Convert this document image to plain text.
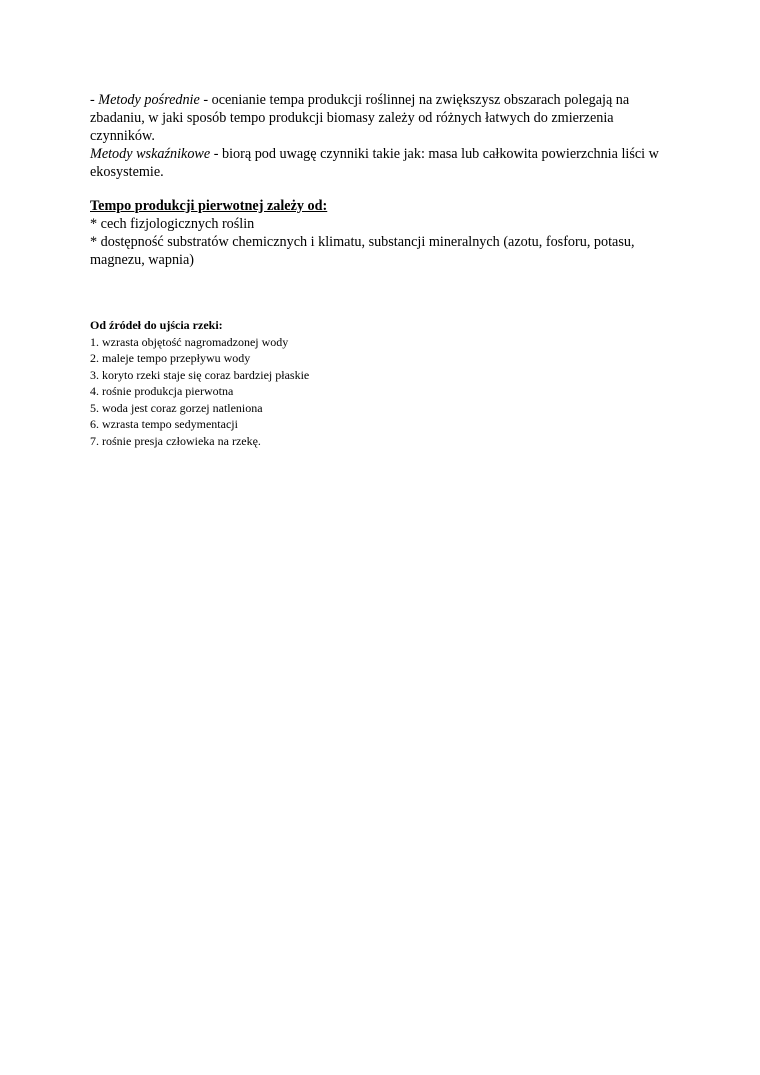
- Metody pośrednie - ocenianie tempa produkcji roślinnej na zwiększysz obszarach polegają na zbadaniu, w jaki sposób tempo produkcji biomasy zależy od różnych łatwych do zmierzenia czynników.

Metody wskaźnikowe - biorą pod uwagę czynniki takie jak: masa lub całkowita powierzchnia liści w ekosystemie.

Tempo produkcji pierwotnej zależy od:

* cech fizjologicznych roślin

* dostępność substratów chemicznych i klimatu, substancji mineralnych (azotu, fosforu, potasu, magnezu, wapnia)

Od źródeł do ujścia rzeki:

1. wzrasta objętość nagromadzonej wody
2. maleje tempo przepływu wody
3. koryto rzeki staje się coraz bardziej płaskie
4. rośnie produkcja pierwotna
5. woda jest coraz gorzej natleniona
6. wzrasta tempo sedymentacji
7. rośnie presja człowieka na rzekę.
